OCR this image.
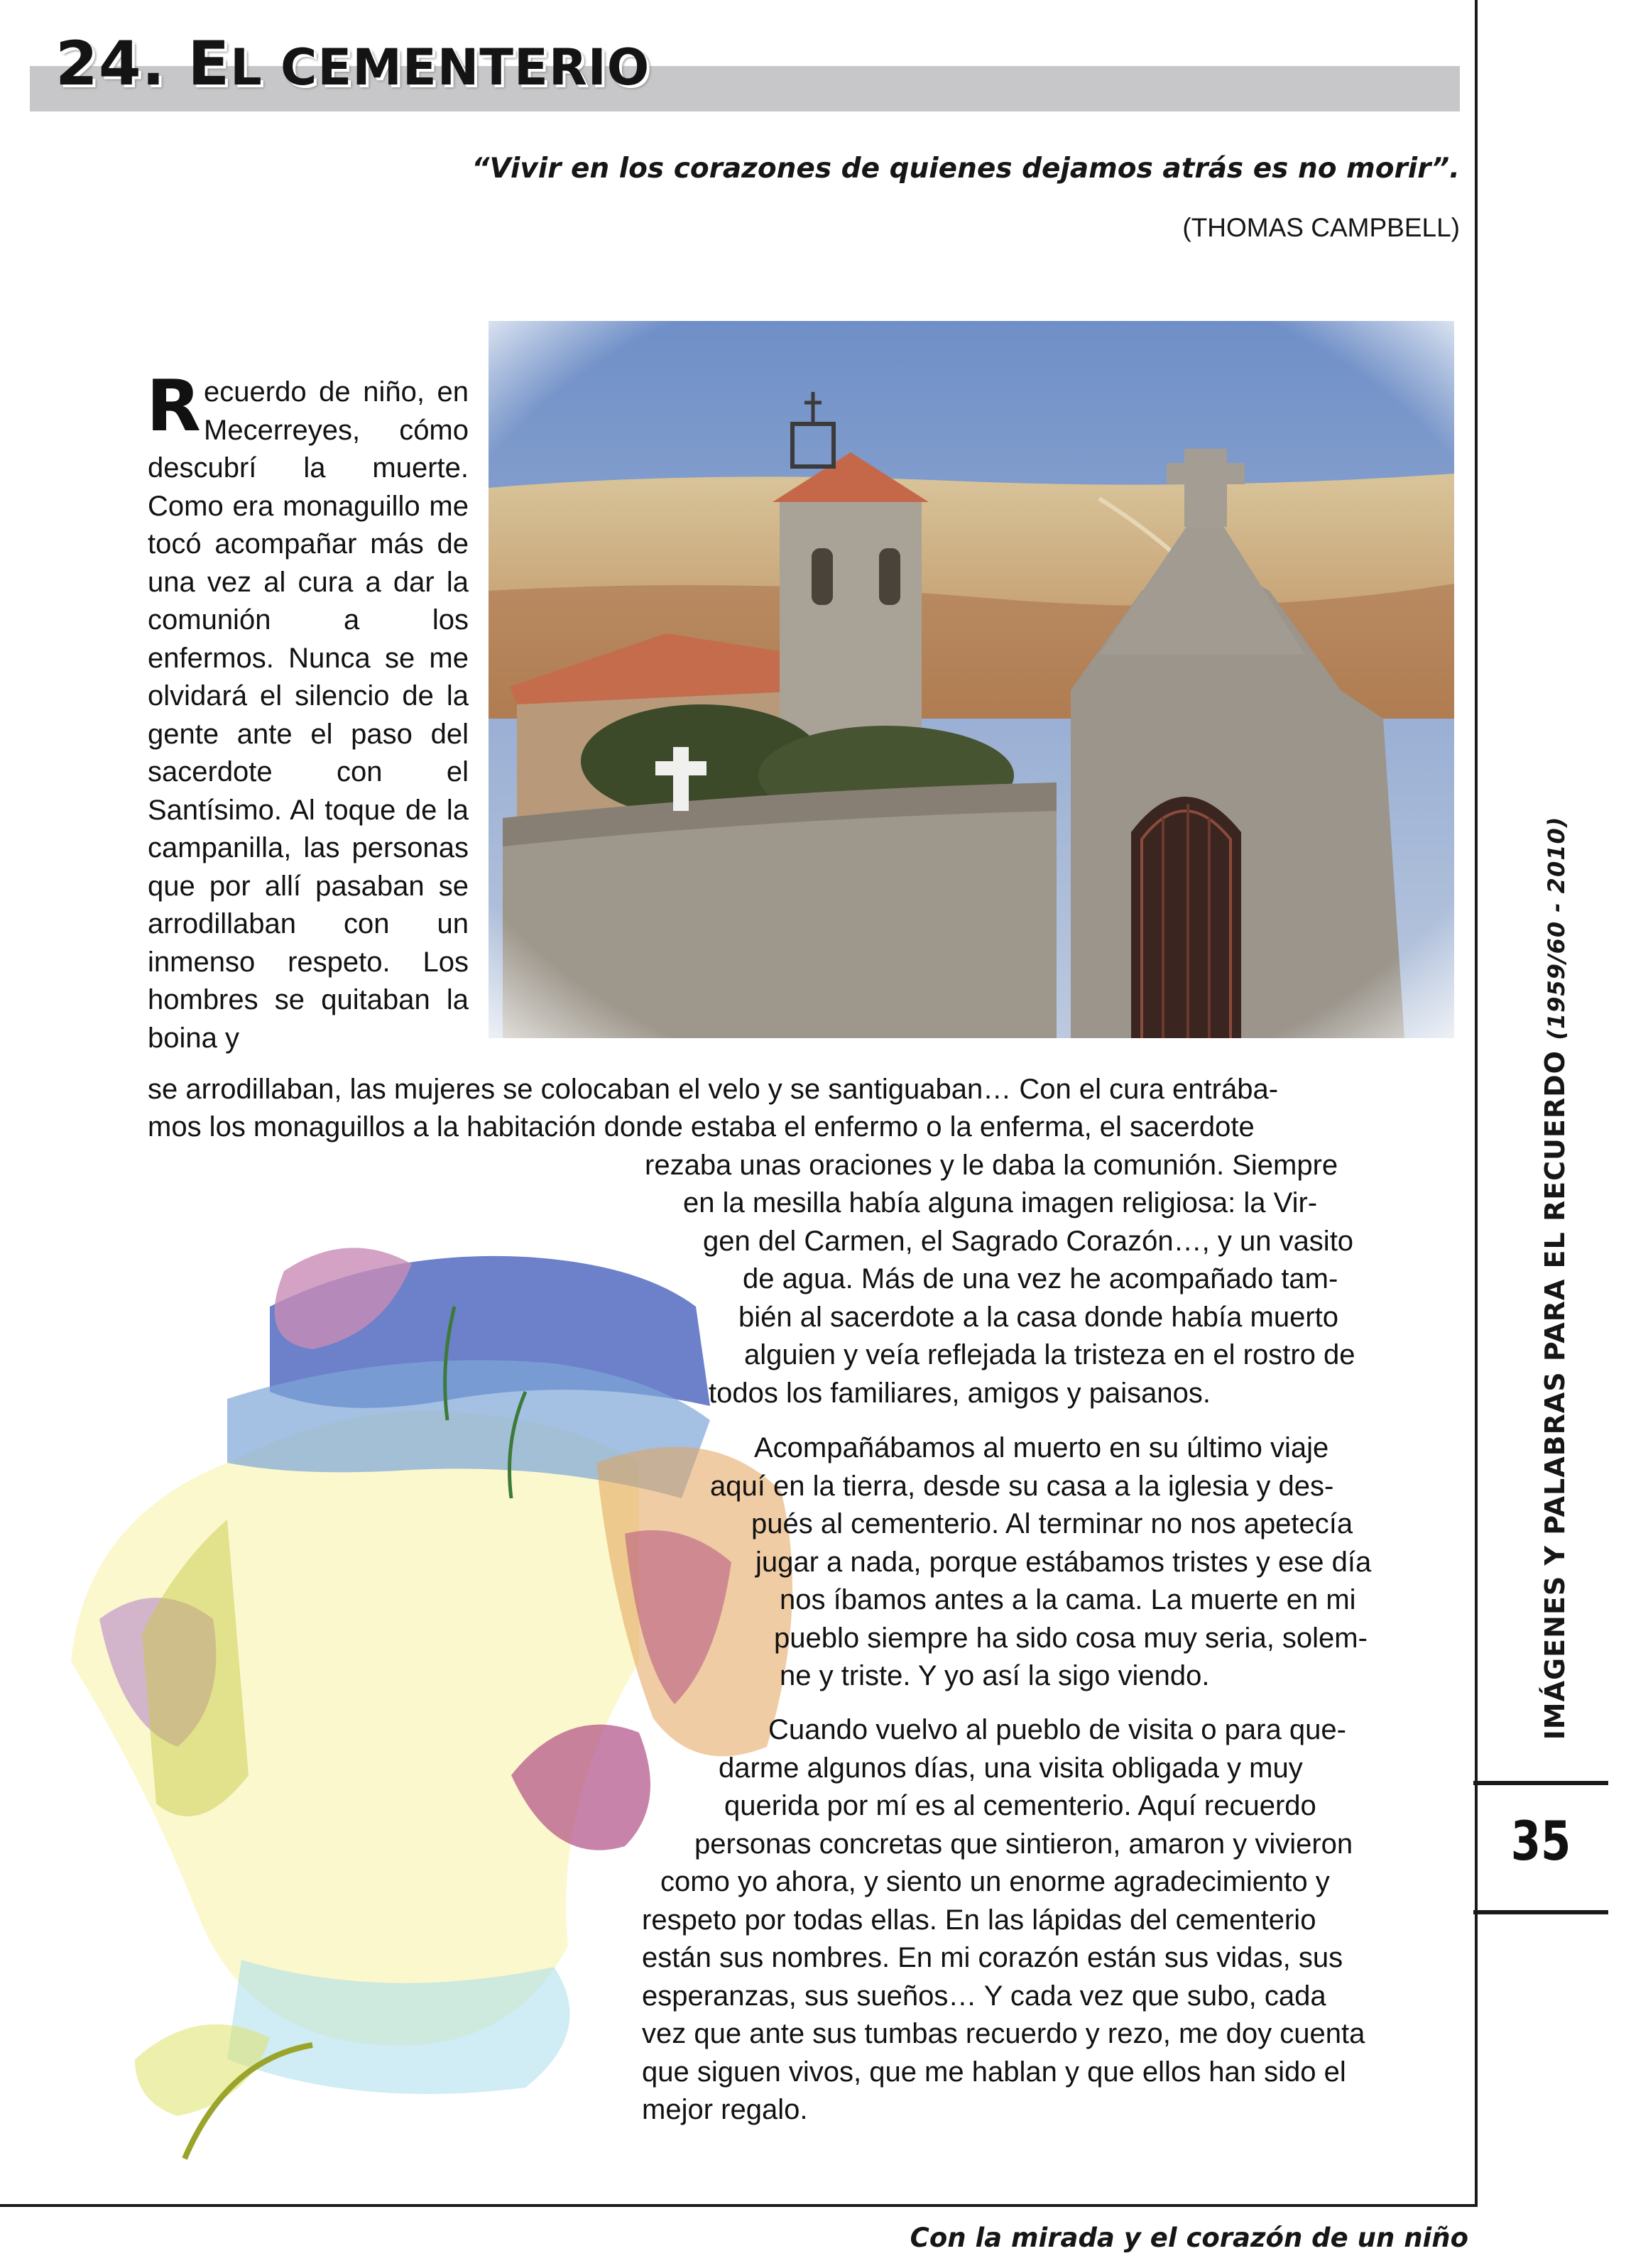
24. EL CEMENTERIO

“Vivir en los corazones de quienes dejamos atrás es no morir”.

(THOMAS CAMPBELL)

Recuerdo de niño, en Mecerreyes, cómo descubrí la muerte. Como era monaguillo me tocó acompañar más de una vez al cura a dar la comunión a los enfermos. Nunca se me olvidará el silencio de la gente ante el paso del sacerdote con el Santísimo. Al toque de la campanilla, las personas que por allí pasaban se arrodillaban con un inmenso respeto. Los hombres se quitaban la boina y
se arrodillaban, las mujeres se colocaban el velo y se santiguaban… Con el cura entrába-
mos los monaguillos a la habitación donde estaba el enfermo o la enferma, el sacerdote
rezaba unas oraciones y le daba la comunión. Siempre
en la mesilla había alguna imagen religiosa: la Vir-
gen del Carmen, el Sagrado Corazón…, y un vasito
de agua. Más de una vez he acompañado tam-
bién al sacerdote a la casa donde había muerto
alguien y veía reflejada la tristeza en el rostro de
todos los familiares, amigos y paisanos.
Acompañábamos al muerto en su último viaje
aquí en la tierra, desde su casa a la iglesia y des-
pués al cementerio. Al terminar no nos apetecía
jugar a nada, porque estábamos tristes y ese día
nos íbamos antes a la cama. La muerte en mi
pueblo siempre ha sido cosa muy seria, solem-
ne y triste. Y yo así la sigo viendo.
Cuando vuelvo al pueblo de visita o para que-
darme algunos días, una visita obligada y muy
querida por mí es al cementerio. Aquí recuerdo
personas concretas que sintieron, amaron y vivieron
como yo ahora, y siento un enorme agradecimiento y
respeto por todas ellas. En las lápidas del cementerio
están sus nombres. En mi corazón están sus vidas, sus
esperanzas, sus sueños… Y cada vez que subo, cada
vez que ante sus tumbas recuerdo y rezo, me doy cuenta
que siguen vivos, que me hablan y que ellos han sido el
mejor regalo.
IMÁGENES Y PALABRAS PARA EL RECUERDO (1959/60 - 2010)
35

Con la mirada y el corazón de un niño
